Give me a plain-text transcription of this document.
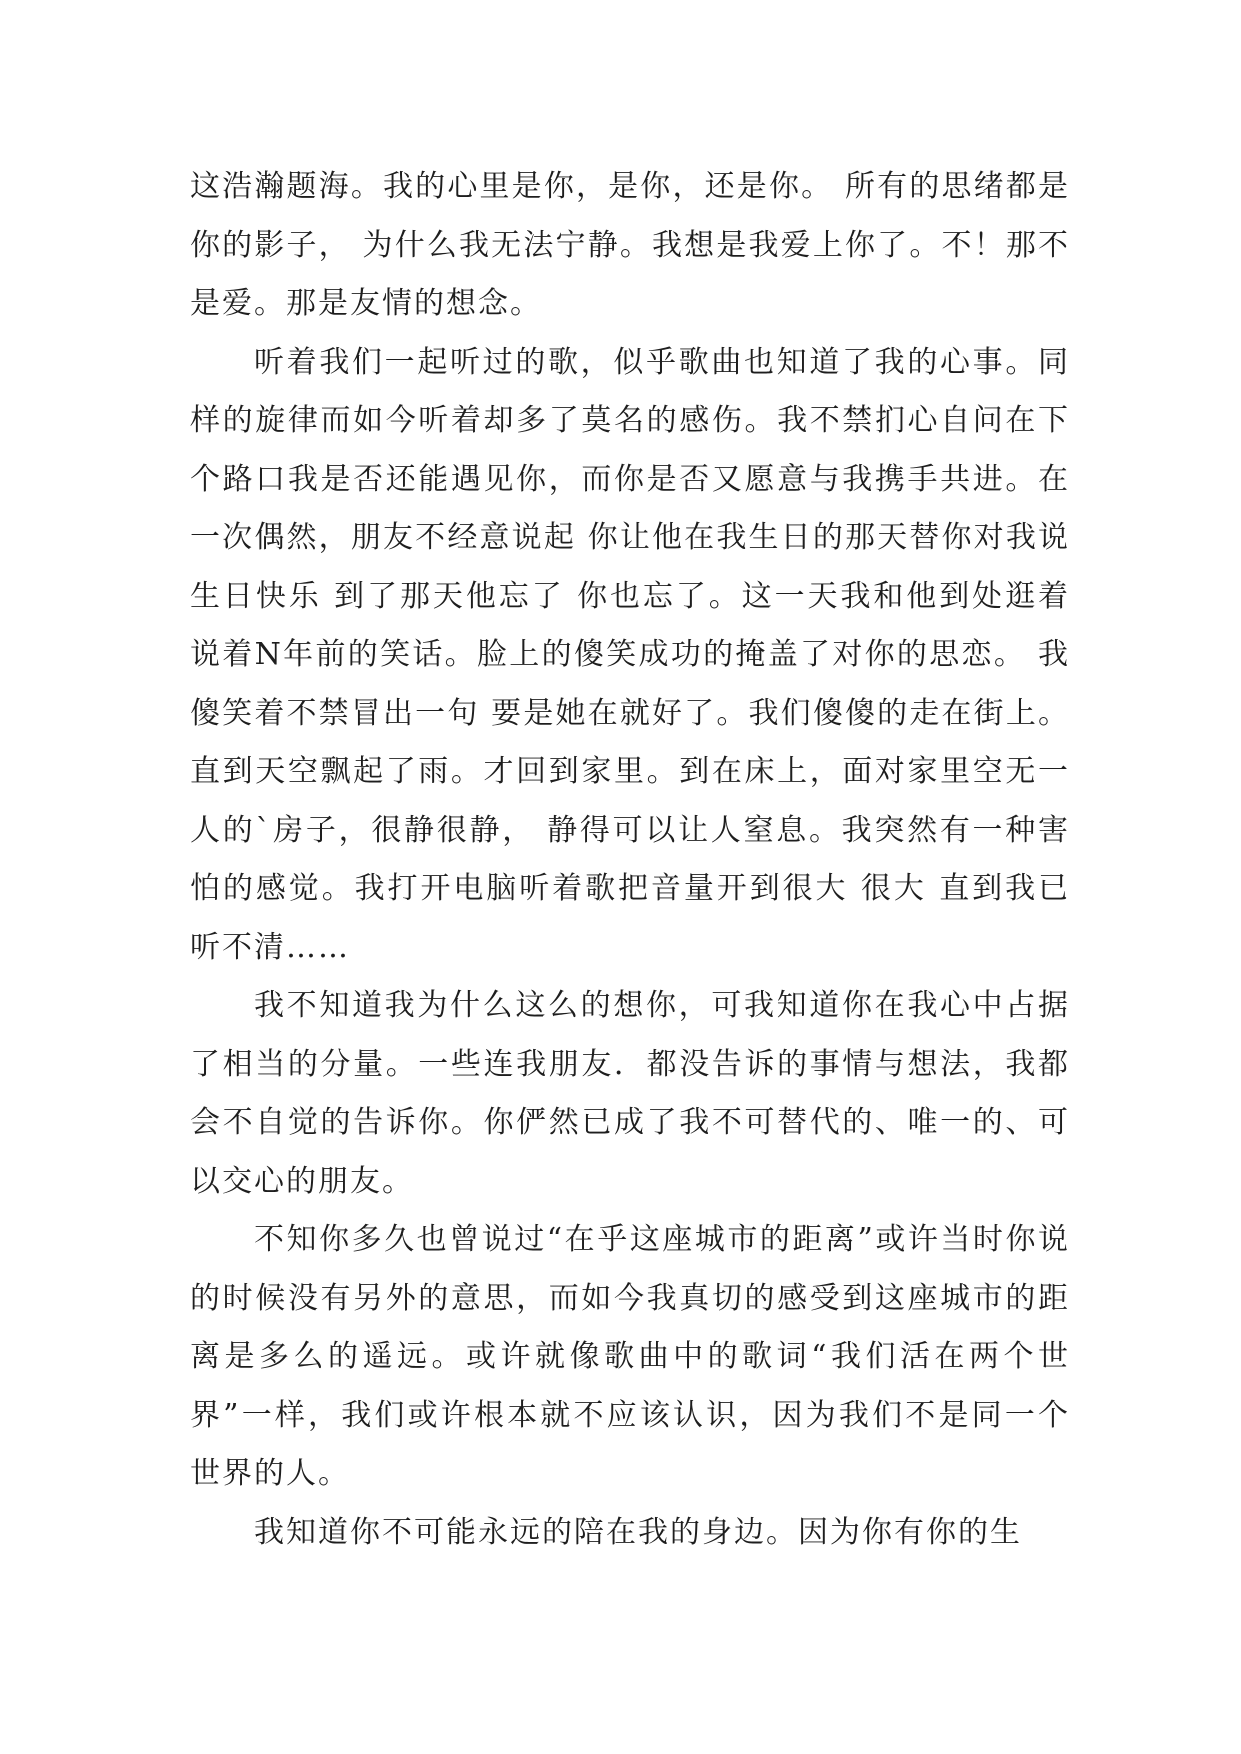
这浩瀚题海。我的心里是你，是你，还是你。 所有的思绪都是你的影子， 为什么我无法宁静。我想是我爱上你了。不！那不是爱。那是友情的想念。

听着我们一起听过的歌，似乎歌曲也知道了我的心事。同样的旋律而如今听着却多了莫名的感伤。我不禁扪心自问在下个路口我是否还能遇见你，而你是否又愿意与我携手共进。在一次偶然，朋友不经意说起 你让他在我生日的那天替你对我说 生日快乐 到了那天他忘了 你也忘了。这一天我和他到处逛着说着N年前的笑话。脸上的傻笑成功的掩盖了对你的思恋。 我傻笑着不禁冒出一句 要是她在就好了。我们傻傻的走在街上。直到天空飘起了雨。才回到家里。到在床上，面对家里空无一人的`房子，很静很静， 静得可以让人窒息。我突然有一种害怕的感觉。我打开电脑听着歌把音量开到很大 很大 直到我已听不清……

我不知道我为什么这么的想你，可我知道你在我心中占据了相当的分量。一些连我朋友．都没告诉的事情与想法，我都会不自觉的告诉你。你俨然已成了我不可替代的、唯一的、可以交心的朋友。

不知你多久也曾说过“在乎这座城市的距离”或许当时你说的时候没有另外的意思，而如今我真切的感受到这座城市的距离是多么的遥远。或许就像歌曲中的歌词“我们活在两个世界”一样，我们或许根本就不应该认识，因为我们不是同一个世界的人。

我知道你不可能永远的陪在我的身边。因为你有你的生
